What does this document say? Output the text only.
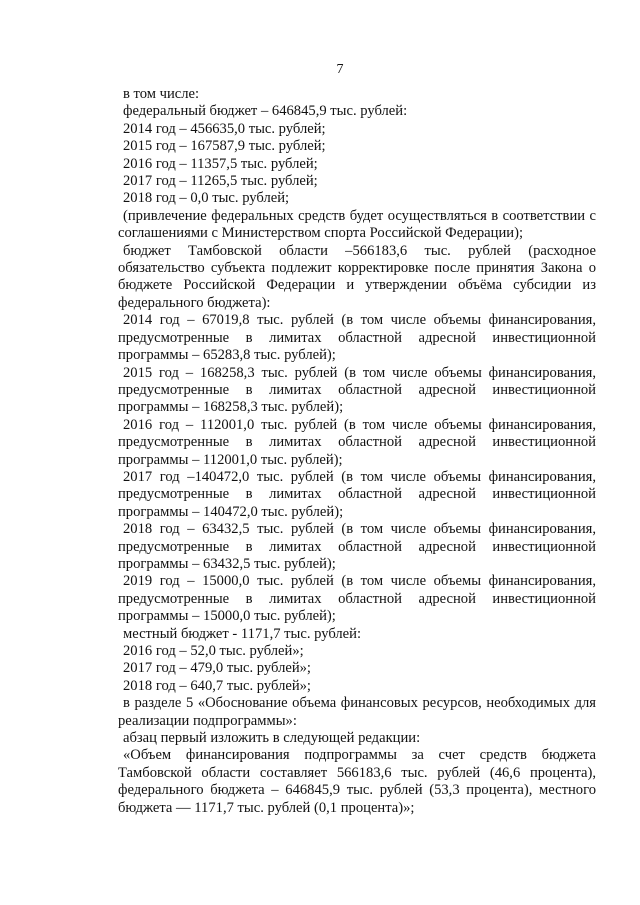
7
в том числе:
федеральный бюджет – 646845,9 тыс. рублей:
2014 год – 456635,0 тыс. рублей;
2015 год – 167587,9 тыс. рублей;
2016 год – 11357,5 тыс. рублей;
2017 год – 11265,5 тыс. рублей;
2018 год – 0,0 тыс. рублей;
(привлечение федеральных средств будет осуществляться в соответствии с соглашениями с Министерством спорта Российской Федерации);
бюджет Тамбовской области –566183,6 тыс. рублей (расходное обязательство субъекта подлежит корректировке после принятия Закона о бюджете Российской Федерации и утверждении объёма субсидии из федерального бюджета):
2014 год – 67019,8 тыс. рублей (в том числе объемы финансирования, предусмотренные в лимитах областной адресной инвестиционной программы – 65283,8 тыс. рублей);
2015 год – 168258,3 тыс. рублей (в том числе объемы финансирования, предусмотренные в лимитах областной адресной инвестиционной программы – 168258,3 тыс. рублей);
2016 год – 112001,0 тыс. рублей (в том числе объемы финансирования, предусмотренные в лимитах областной адресной инвестиционной программы – 112001,0 тыс. рублей);
2017 год –140472,0 тыс. рублей (в том числе объемы финансирования, предусмотренные в лимитах областной адресной инвестиционной программы – 140472,0 тыс. рублей);
2018 год – 63432,5 тыс. рублей (в том числе объемы финансирования, предусмотренные в лимитах областной адресной инвестиционной программы – 63432,5 тыс. рублей);
2019 год – 15000,0 тыс. рублей (в том числе объемы финансирования, предусмотренные в лимитах областной адресной инвестиционной программы – 15000,0 тыс. рублей);
местный бюджет - 1171,7 тыс. рублей:
2016 год – 52,0 тыс. рублей»;
2017 год – 479,0 тыс. рублей»;
2018 год – 640,7 тыс. рублей»;
в разделе 5 «Обоснование объема финансовых ресурсов, необходимых для реализации подпрограммы»:
абзац первый изложить в следующей редакции:
«Объем финансирования подпрограммы за счет средств бюджета Тамбовской области составляет 566183,6 тыс. рублей (46,6 процента), федерального бюджета – 646845,9 тыс. рублей (53,3 процента), местного бюджета — 1171,7 тыс. рублей (0,1 процента)»;
